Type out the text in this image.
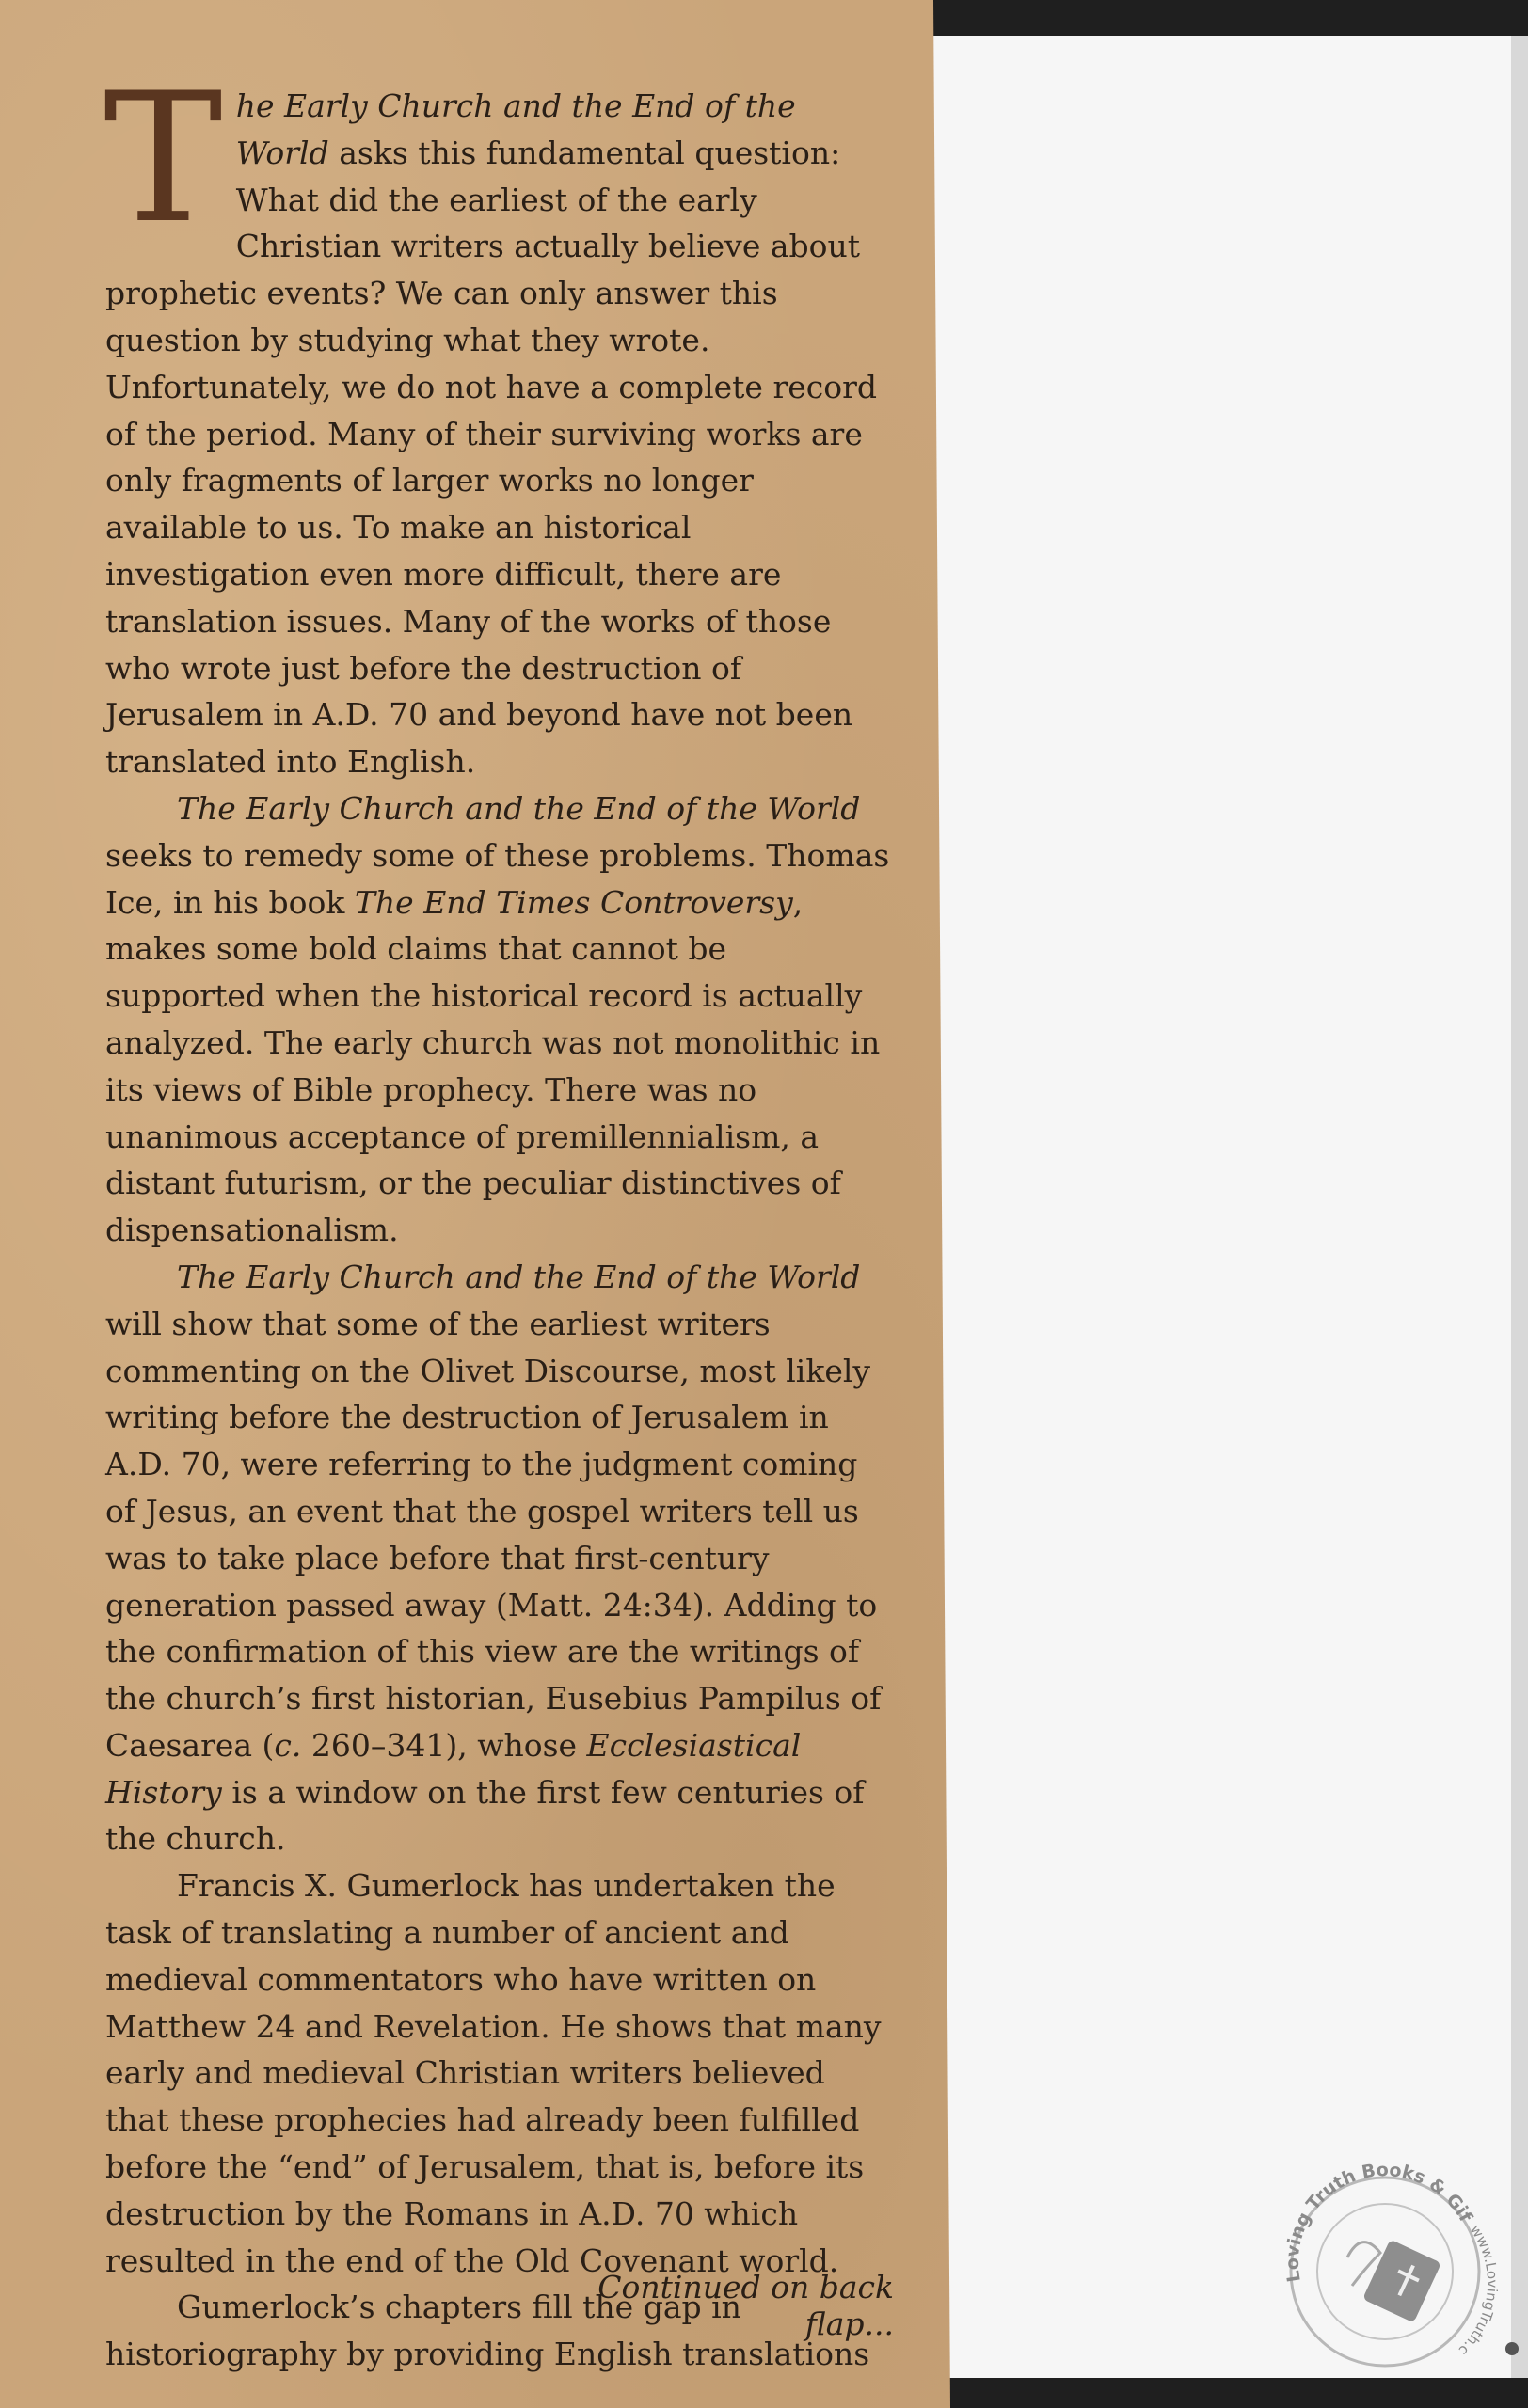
The Early Church and the End of the World asks this fundamental question: What did the earliest of the early Christian writers actually believe about prophetic events? We can only answer this question by studying what they wrote. Unfortunately, we do not have a complete record of the period. Many of their surviving works are only fragments of larger works no longer available to us. To make an historical investigation even more difficult, there are translation issues. Many of the works of those who wrote just before the destruction of Jerusalem in A.D. 70 and beyond have not been translated into English.

The Early Church and the End of the World seeks to remedy some of these problems. Thomas Ice, in his book The End Times Controversy, makes some bold claims that cannot be supported when the historical record is actually analyzed. The early church was not monolithic in its views of Bible prophecy. There was no unanimous acceptance of premillennialism, a distant futurism, or the peculiar distinctives of dispensationalism.

The Early Church and the End of the World will show that some of the earliest writers commenting on the Olivet Discourse, most likely writing before the destruction of Jerusalem in A.D. 70, were referring to the judgment coming of Jesus, an event that the gospel writers tell us was to take place before that first-century generation passed away (Matt. 24:34). Adding to the confirmation of this view are the writings of the church’s first historian, Eusebius Pampilus of Caesarea (c. 260–341), whose Ecclesiastical History is a window on the first few centuries of the church.

Francis X. Gumerlock has undertaken the task of translating a number of ancient and medieval commentators who have written on Matthew 24 and Revelation. He shows that many early and medieval Christian writers believed that these prophecies had already been fulfilled before the “end” of Jerusalem, that is, before its destruction by the Romans in A.D. 70 which resulted in the end of the Old Covenant world.

Gumerlock’s chapters fill the gap in historiography by providing English translations

Continued on back flap...
Loving Truth Books & Gif
www. gTruth.c
